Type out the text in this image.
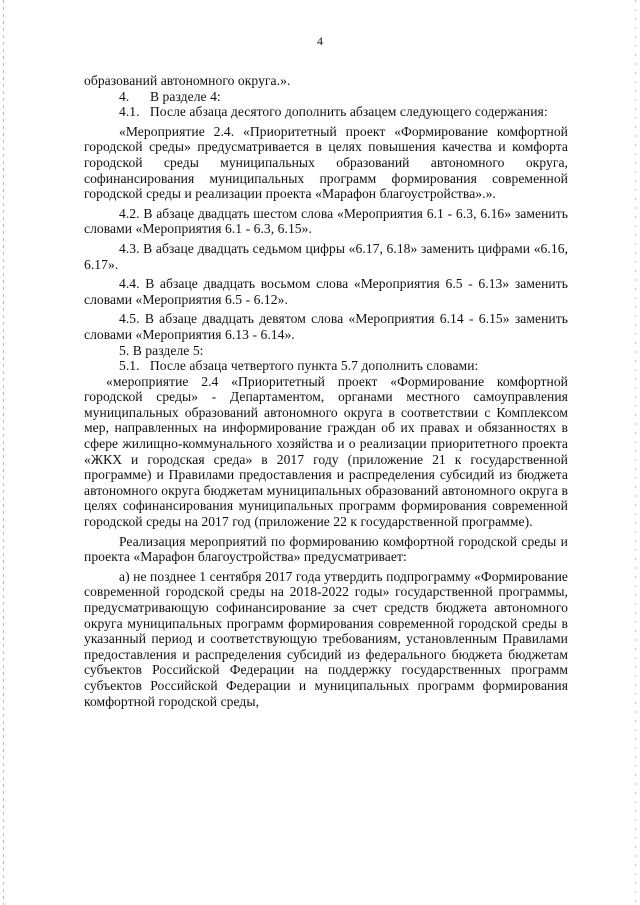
4

образований автономного округа.».

4.      В разделе 4:

4.1.   После абзаца десятого дополнить абзацем следующего содержания:

«Мероприятие 2.4. «Приоритетный проект «Формирование комфортной городской среды» предусматривается в целях повышения качества и комфорта городской среды муниципальных образований автономного округа, софинансирования муниципальных программ формирования современной городской среды и реализации проекта «Марафон благоустройства».».

4.2. В абзаце двадцать шестом слова «Мероприятия 6.1 - 6.3, 6.16» заменить словами «Мероприятия 6.1 - 6.3, 6.15».

4.3. В абзаце двадцать седьмом цифры «6.17, 6.18» заменить цифрами «6.16, 6.17».

4.4. В абзаце двадцать восьмом слова «Мероприятия 6.5 - 6.13» заменить словами «Мероприятия 6.5 - 6.12».

4.5. В абзаце двадцать девятом слова «Мероприятия 6.14 - 6.15» заменить словами «Мероприятия 6.13 - 6.14».

5. В разделе 5:

5.1.   После абзаца четвертого пункта 5.7 дополнить словами:

«мероприятие 2.4 «Приоритетный проект «Формирование комфортной городской среды» - Департаментом, органами местного самоуправления муниципальных образований автономного округа в соответствии с Комплексом мер, направленных на информирование граждан об их правах и обязанностях в сфере жилищно-коммунального хозяйства и о реализации приоритетного проекта «ЖКХ и городская среда» в 2017 году (приложение 21 к государственной программе) и Правилами предоставления и распределения субсидий из бюджета автономного округа бюджетам муниципальных образований автономного округа в целях софинансирования муниципальных программ формирования современной городской среды на 2017 год (приложение 22 к государственной программе).

Реализация мероприятий по формированию комфортной городской среды и проекта «Марафон благоустройства» предусматривает:

а) не позднее 1 сентября 2017 года утвердить подпрограмму «Формирование современной городской среды на 2018-2022 годы» государственной программы, предусматривающую софинансирование за счет средств бюджета автономного округа муниципальных программ формирования современной городской среды в указанный период и соответствующую требованиям, установленным Правилами предоставления и распределения субсидий из федерального бюджета бюджетам субъектов Российской Федерации на поддержку государственных программ субъектов Российской Федерации и муниципальных программ формирования комфортной городской среды,
